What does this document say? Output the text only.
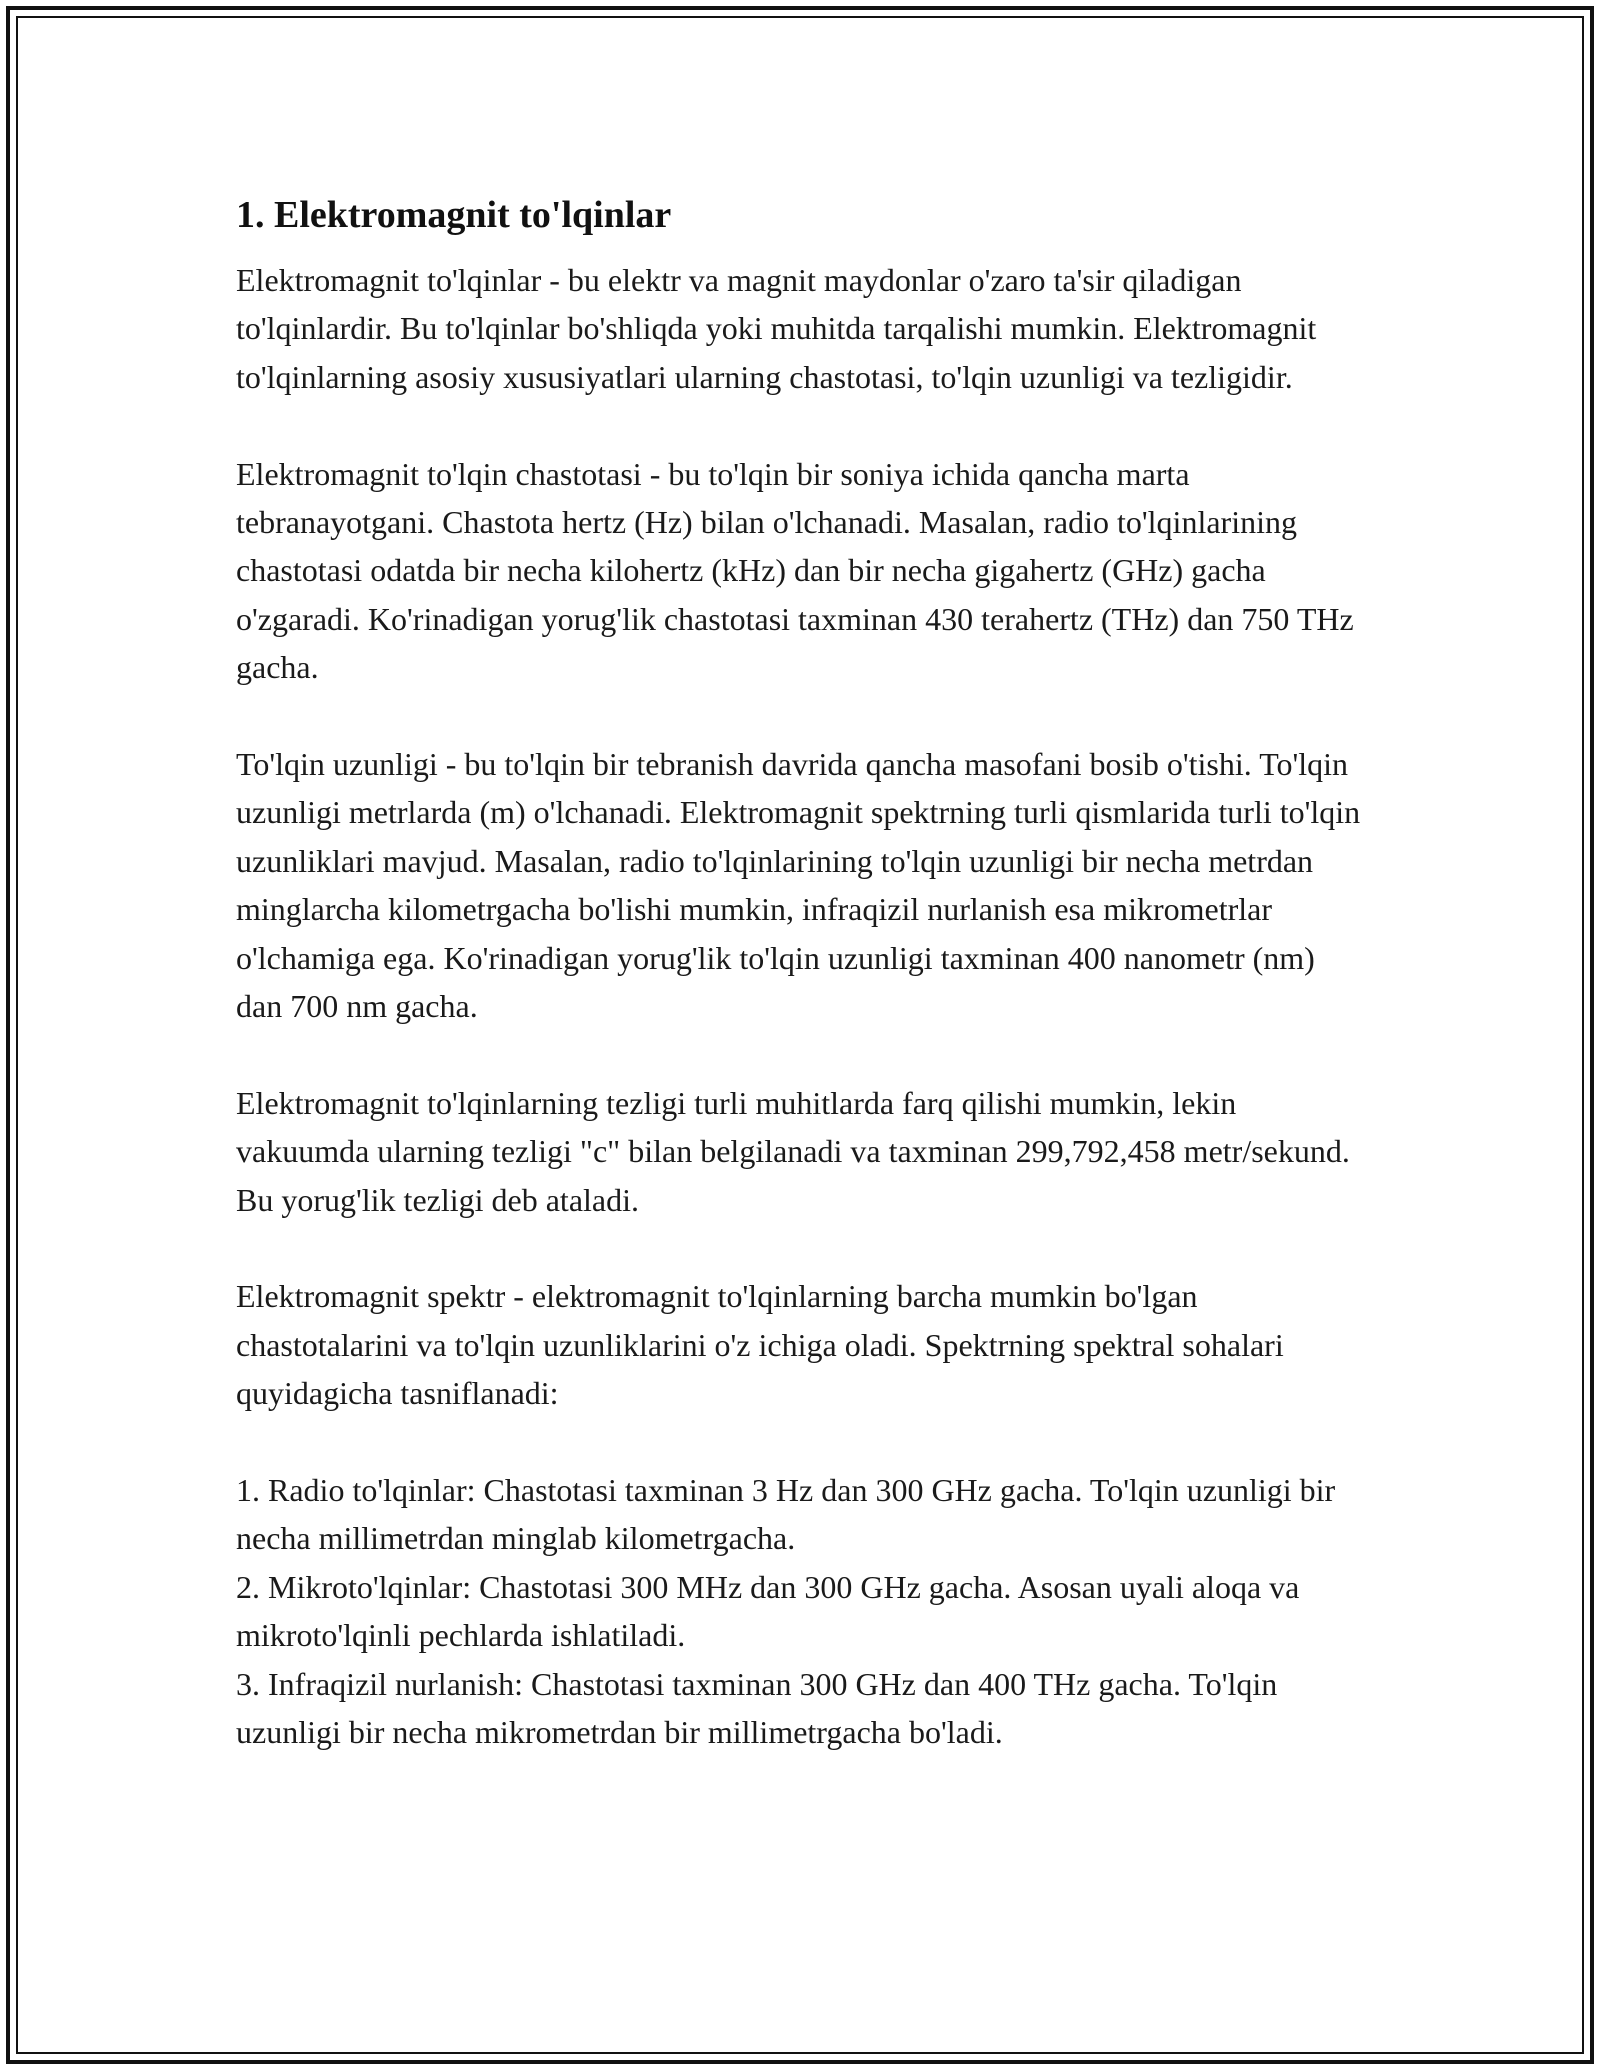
1. Elektromagnit to'lqinlar

Elektromagnit to'lqinlar - bu elektr va magnit maydonlar o'zaro ta'sir qiladigan to'lqinlardir. Bu to'lqinlar bo'shliqda yoki muhitda tarqalishi mumkin. Elektromagnit to'lqinlarning asosiy xususiyatlari ularning chastotasi, to'lqin uzunligi va tezligidir.

Elektromagnit to'lqin chastotasi - bu to'lqin bir soniya ichida qancha marta tebranayotgani. Chastota hertz (Hz) bilan o'lchanadi. Masalan, radio to'lqinlarining chastotasi odatda bir necha kilohertz (kHz) dan bir necha gigahertz (GHz) gacha o'zgaradi. Ko'rinadigan yorug'lik chastotasi taxminan 430 terahertz (THz) dan 750 THz gacha.

To'lqin uzunligi - bu to'lqin bir tebranish davrida qancha masofani bosib o'tishi. To'lqin uzunligi metrlarda (m) o'lchanadi. Elektromagnit spektrning turli qismlarida turli to'lqin uzunliklari mavjud. Masalan, radio to'lqinlarining to'lqin uzunligi bir necha metrdan minglarcha kilometrgacha bo'lishi mumkin, infraqizil nurlanish esa mikrometrlar o'lchamiga ega. Ko'rinadigan yorug'lik to'lqin uzunligi taxminan 400 nanometr (nm) dan 700 nm gacha.

Elektromagnit to'lqinlarning tezligi turli muhitlarda farq qilishi mumkin, lekin vakuumda ularning tezligi "c" bilan belgilanadi va taxminan 299,792,458 metr/sekund. Bu yorug'lik tezligi deb ataladi.

Elektromagnit spektr - elektromagnit to'lqinlarning barcha mumkin bo'lgan chastotalarini va to'lqin uzunliklarini o'z ichiga oladi. Spektrning spektral sohalari quyidagicha tasniflanadi:

1. Radio to'lqinlar: Chastotasi taxminan 3 Hz dan 300 GHz gacha. To'lqin uzunligi bir necha millimetrdan minglab kilometrgacha.
2. Mikroto'lqinlar: Chastotasi 300 MHz dan 300 GHz gacha. Asosan uyali aloqa va mikroto'lqinli pechlarda ishlatiladi.
3. Infraqizil nurlanish: Chastotasi taxminan 300 GHz dan 400 THz gacha. To'lqin uzunligi bir necha mikrometrdan bir millimetrgacha bo'ladi.
